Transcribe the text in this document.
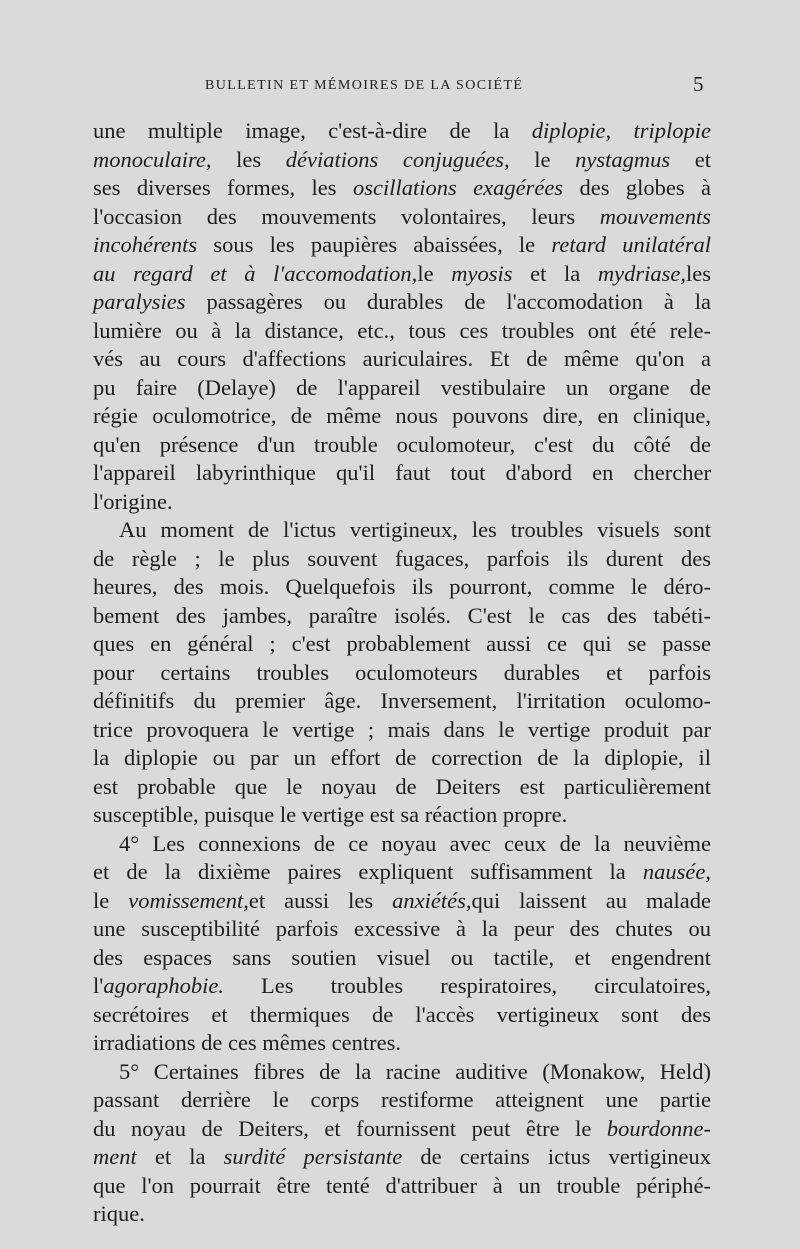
BULLETIN ET MÉMOIRES DE LA SOCIÉTÉ	5
une multiple image, c'est-à-dire de la diplopie, triplopie
monoculaire, les déviations conjuguées, le nystagmus et
ses diverses formes, les oscillations exagérées des globes à
l'occasion des mouvements volontaires, leurs mouvements
incohérents sous les paupières abaissées, le retard unilatéral
au regard et à l'accomodation,le myosis et la mydriase,les
paralysies passagères ou durables de l'accomodation à la
lumière ou à la distance, etc., tous ces troubles ont été rele-
vés au cours d'affections auriculaires. Et de même qu'on a
pu faire (Delaye) de l'appareil vestibulaire un organe de
régie oculomotrice, de même nous pouvons dire, en clinique,
qu'en présence d'un trouble oculomoteur, c'est du côté de
l'appareil labyrinthique qu'il faut tout d'abord en chercher
l'origine.
Au moment de l'ictus vertigineux, les troubles visuels sont
de règle ; le plus souvent fugaces, parfois ils durent des
heures, des mois. Quelquefois ils pourront, comme le déro-
bement des jambes, paraître isolés. C'est le cas des tabéti-
ques en général ; c'est probablement aussi ce qui se passe
pour certains troubles oculomoteurs durables et parfois
définitifs du premier âge. Inversement, l'irritation oculomo-
trice provoquera le vertige ; mais dans le vertige produit par
la diplopie ou par un effort de correction de la diplopie, il
est probable que le noyau de Deiters est particulièrement
susceptible, puisque le vertige est sa réaction propre.
4° Les connexions de ce noyau avec ceux de la neuvième
et de la dixième paires expliquent suffisamment la nausée,
le vomissement,et aussi les anxiétés,qui laissent au malade
une susceptibilité parfois excessive à la peur des chutes ou
des espaces sans soutien visuel ou tactile, et engendrent
l'agoraphobie. Les troubles respiratoires, circulatoires,
secrétoires et thermiques de l'accès vertigineux sont des
irradiations de ces mêmes centres.
5° Certaines fibres de la racine auditive (Monakow, Held)
passant derrière le corps restiforme atteignent une partie
du noyau de Deiters, et fournissent peut être le bourdonne-
ment et la surdité persistante de certains ictus vertigineux
que l'on pourrait être tenté d'attribuer à un trouble périphé-
rique.
